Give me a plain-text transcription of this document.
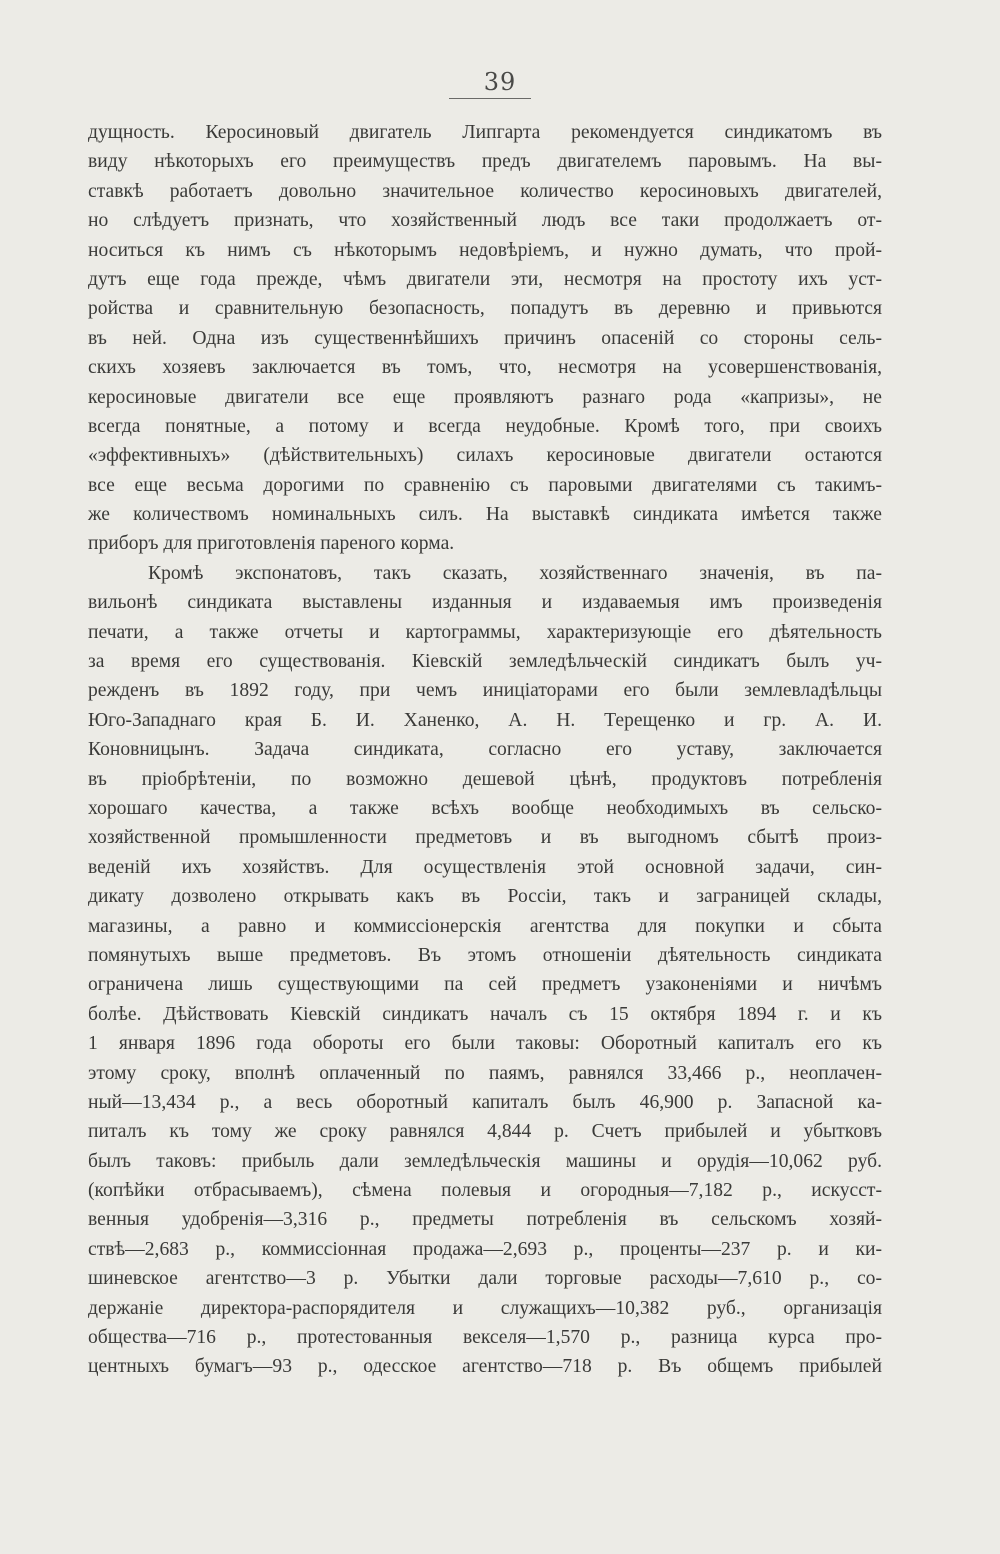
39
дущность. Керосиновый двигатель Липгарта рекомендуется синдикатомъ въ
виду нѣкоторыхъ его преимуществъ предъ двигателемъ паровымъ. На вы-
ставкѣ работаетъ довольно значительное количество керосиновыхъ двигателей,
но слѣдуетъ признать, что хозяйственный людъ все таки продолжаетъ от-
носиться къ нимъ съ нѣкоторымъ недовѣріемъ, и нужно думать, что прой-
дутъ еще года прежде, чѣмъ двигатели эти, несмотря на простоту ихъ уст-
ройства и сравнительную безопасность, попадутъ въ деревню и привьются
въ ней. Одна изъ существеннѣйшихъ причинъ опасеній со стороны сель-
скихъ хозяевъ заключается въ томъ, что, несмотря на усовершенствованія,
керосиновые двигатели все еще проявляютъ разнаго рода «капризы», не
всегда понятные, а потому и всегда неудобные. Кромѣ того, при своихъ
«эффективныхъ» (дѣйствительныхъ) силахъ керосиновые двигатели остаются
все еще весьма дорогими по сравненію съ паровыми двигателями съ такимъ-
же количествомъ номинальныхъ силъ. На выставкѣ синдиката имѣется также
приборъ для приготовленія пареного корма.
Кромѣ экспонатовъ, такъ сказать, хозяйственнаго значенія, въ па-
вильонѣ синдиката выставлены изданныя и издаваемыя имъ произведенія
печати, а также отчеты и картограммы, характеризующіе его дѣятельность
за время его существованія. Кіевскій земледѣльческій синдикатъ былъ уч-
режденъ въ 1892 году, при чемъ иниціаторами его были землевладѣльцы
Юго-Западнаго края Б. И. Ханенко, А. Н. Терещенко и гр. А. И.
Коновницынъ. Задача синдиката, согласно его уставу, заключается
въ пріобрѣтеніи, по возможно дешевой цѣнѣ, продуктовъ потребленія
хорошаго качества, а также всѣхъ вообще необходимыхъ въ сельско-
хозяйственной промышленности предметовъ и въ выгодномъ сбытѣ произ-
веденій ихъ хозяйствъ. Для осуществленія этой основной задачи, син-
дикату дозволено открывать какъ въ Россіи, такъ и заграницей склады,
магазины, а равно и коммиссіонерскія агентства для покупки и сбыта
помянутыхъ выше предметовъ. Въ этомъ отношеніи дѣятельность синдиката
ограничена лишь существующими па сей предметъ узаконеніями и ничѣмъ
болѣе. Дѣйствовать Кіевскій синдикатъ началъ съ 15 октября 1894 г. и къ
1 января 1896 года обороты его были таковы: Оборотный капиталъ его къ
этому сроку, вполнѣ оплаченный по паямъ, равнялся 33,466 р., неоплачен-
ный—13,434 р., а весь оборотный капиталъ былъ 46,900 р. Запасной ка-
питалъ къ тому же сроку равнялся 4,844 р. Счетъ прибылей и убытковъ
былъ таковъ: прибыль дали земледѣльческія машины и орудія—10,062 руб.
(копѣйки отбрасываемъ), сѣмена полевыя и огородныя—7,182 р., искусст-
венныя удобренія—3,316 р., предметы потребленія въ сельскомъ хозяй-
ствѣ—2,683 р., коммиссіонная продажа—2,693 р., проценты—237 р. и ки-
шиневское агентство—3 р. Убытки дали торговые расходы—7,610 р., со-
держаніе директора-распорядителя и служащихъ—10,382 руб., организація
общества—716 р., протестованныя векселя—1,570 р., разница курса про-
центныхъ бумагъ—93 р., одесское агентство—718 р. Въ общемъ прибылей
